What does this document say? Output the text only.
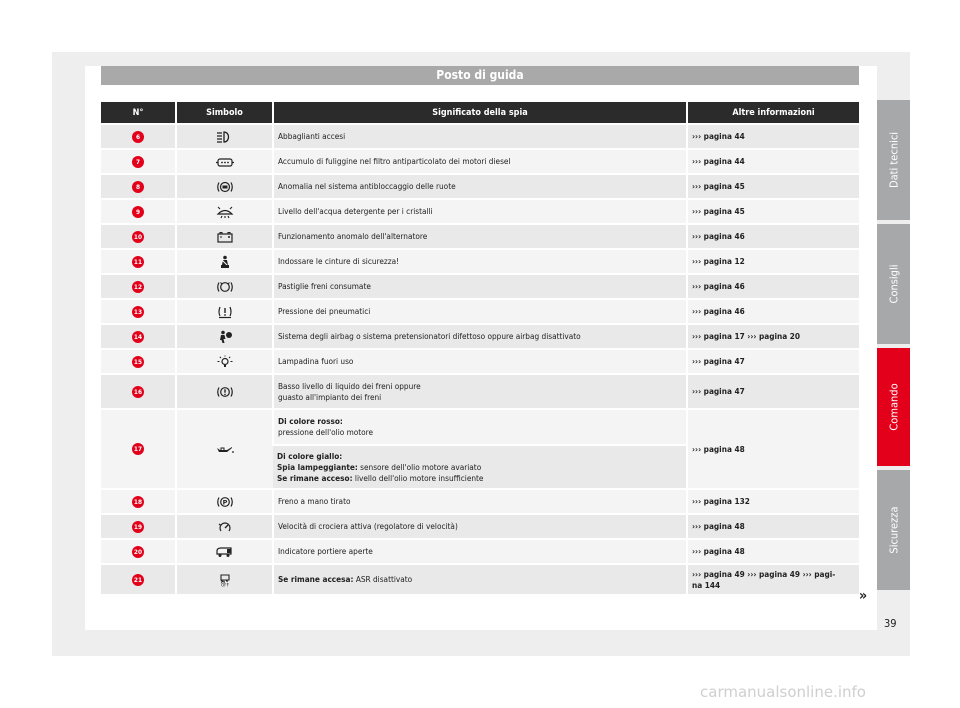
Posto di guida
N°	Simbolo	Significato della spia	Altre informazioni
6		Abbaglianti accesi	››› pagina 44
7		Accumulo di fuliggine nel filtro antiparticolato dei motori diesel	››› pagina 44
8		Anomalia nel sistema antibloccaggio delle ruote	››› pagina 45
9		Livello dell'acqua detergente per i cristalli	››› pagina 45
10		Funzionamento anomalo dell'alternatore	››› pagina 46
11		Indossare le cinture di sicurezza!	››› pagina 12
12		Pastiglie freni consumate	››› pagina 46
13		Pressione dei pneumatici	››› pagina 46
14		Sistema degli airbag o sistema pretensionatori difettoso oppure airbag disattivato	››› pagina 17 ››› pagina 20
15		Lampadina fuori uso	››› pagina 47
16		Basso livello di liquido dei freni oppure
guasto all'impianto dei freni	››› pagina 47
17		Di colore rosso:
pressione dell'olio motore	››› pagina 48
		Di colore giallo:
Spia lampeggiante: sensore dell'olio motore avariato
Se rimane acceso: livello dell'olio motore insufficiente	
18	P	Freno a mano tirato	››› pagina 132
19		Velocità di crociera attiva (regolatore di velocità)	››› pagina 48
20		Indicatore portiere aperte	››› pagina 48
21	OFF	Se rimane accesa: ASR disattivato	››› pagina 49 ››› pagina 49 ››› pagi-
na 144
Dati tecnici
Consigli
Comando
Sicurezza
»
39
carmanualsonline.info
